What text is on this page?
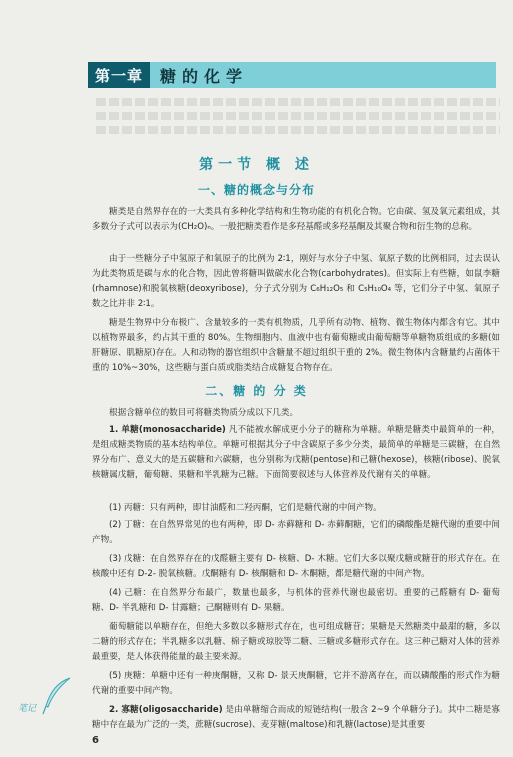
第一章	糖的化学
第一节 概 述
一、糖的概念与分布

糖类是自然界存在的一大类具有多种化学结构和生物功能的有机化合物。它由碳、氢及氧元素组成，其多数分子式可以表示为(CH₂O)ₙ。一般把糖类看作是多羟基醛或多羟基酮及其聚合物和衍生物的总称。

由于一些糖分子中氢原子和氧原子的比例为 2∶1，刚好与水分子中氢、氧原子数的比例相同，过去误认为此类物质是碳与水的化合物，因此曾将糖叫做碳水化合物(carbohydrates)。但实际上有些糖，如鼠李糖(rhamnose)和脱氧核糖(deoxyribose)，分子式分别为 C₆H₁₂O₅ 和 C₅H₁₀O₄ 等，它们分子中氢、氧原子数之比并非 2∶1。

糖是生物界中分布极广、含量较多的一类有机物质，几乎所有动物、植物、微生物体内都含有它。其中以植物界最多，约占其干重的 80%。生物细胞内、血液中也有葡萄糖或由葡萄糖等单糖物质组成的多糖(如肝糖原、肌糖原)存在。人和动物的器官组织中含糖量不超过组织干重的 2%。微生物体内含糖量约占菌体干重的 10%~30%，这些糖与蛋白质或脂类结合成糖复合物存在。

二、糖 的 分 类

根据含糖单位的数目可将糖类物质分成以下几类。

1. 单糖(monosaccharide) 凡不能被水解成更小分子的糖称为单糖。单糖是糖类中最简单的一种，是组成糖类物质的基本结构单位。单糖可根据其分子中含碳原子多少分类，最简单的单糖是三碳糖，在自然界分布广、意义大的是五碳糖和六碳糖，也分别称为戊糖(pentose)和己糖(hexose)，核糖(ribose)、脱氧核糖属戊糖，葡萄糖、果糖和半乳糖为己糖。下面简要叙述与人体营养及代谢有关的单糖。

(1) 丙糖：只有两种，即甘油醛和二羟丙酮，它们是糖代谢的中间产物。

(2) 丁糖：在自然界常见的也有两种，即 D- 赤藓糖和 D- 赤藓酮糖，它们的磷酸酯是糖代谢的重要中间产物。

(3) 戊糖：在自然界存在的戊醛糖主要有 D- 核糖、D- 木糖。它们大多以聚戊糖或糖苷的形式存在。在核酸中还有 D-2- 脱氧核糖。戊酮糖有 D- 核酮糖和 D- 木酮糖，都是糖代谢的中间产物。

(4) 己糖：在自然界分布最广，数量也最多，与机体的营养代谢也最密切。重要的己醛糖有 D- 葡萄糖、D- 半乳糖和 D- 甘露糖；己酮糖则有 D- 果糖。

葡萄糖能以单糖存在，但绝大多数以多糖形式存在，也可组成糖苷；果糖是天然糖类中最甜的糖，多以二糖的形式存在；半乳糖多以乳糖、棉子糖或琼胶等二糖、三糖或多糖形式存在。这三种己糖对人体的营养最重要，是人体获得能量的最主要来源。

(5) 庚糖：单糖中还有一种庚酮糖，又称 D- 景天庚酮糖，它并不游离存在，而以磷酸酯的形式作为糖代谢的重要中间产物。

2. 寡糖(oligosaccharide) 是由单糖缩合而成的短链结构(一般含 2~9 个单糖分子)。其中二糖是寡糖中存在最为广泛的一类，蔗糖(sucrose)、麦芽糖(maltose)和乳糖(lactose)是其重要

笔记
6
